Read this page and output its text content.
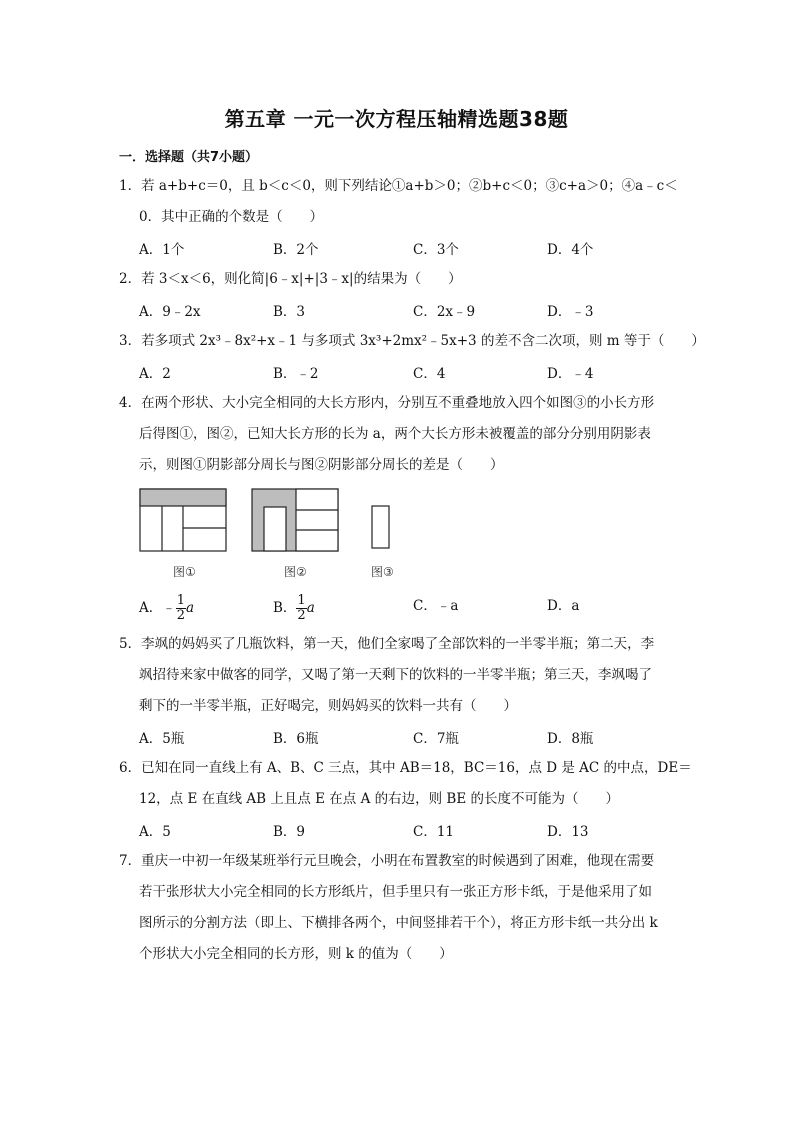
第五章 一元一次方程压轴精选题38题
一．选择题（共7小题）
1．若 a+b+c＝0，且 b＜c＜0，则下列结论①a+b＞0；②b+c＜0；③c+a＞0；④a﹣c＜
0．其中正确的个数是（　　）
A．1个	B．2个	C．3个	D．4个
2．若 3＜x＜6，则化简|6﹣x|+|3﹣x|的结果为（　　）
A．9﹣2x	B．3	C．2x﹣9	D．﹣3
3．若多项式 2x³﹣8x²+x﹣1 与多项式 3x³+2mx²﹣5x+3 的差不含二次项，则 m 等于（　　）
A．2	B．﹣2	C．4	D．﹣4
4．在两个形状、大小完全相同的大长方形内，分别互不重叠地放入四个如图③的小长方形
后得图①，图②，已知大长方形的长为 a，两个大长方形未被覆盖的部分分别用阴影表
示，则图①阴影部分周长与图②阴影部分周长的差是（　　）
图①	图②	图③
A．﹣ $\frac{1}{2}$ a	B． $\frac{1}{2}$ a	C．﹣a	D．a
5．李飒的妈妈买了几瓶饮料，第一天，他们全家喝了全部饮料的一半零半瓶；第二天，李
飒招待来家中做客的同学，又喝了第一天剩下的饮料的一半零半瓶；第三天，李飒喝了
剩下的一半零半瓶，正好喝完，则妈妈买的饮料一共有（　　）
A．5瓶	B．6瓶	C．7瓶	D．8瓶
6．已知在同一直线上有 A、B、C 三点，其中 AB＝18，BC＝16，点 D 是 AC 的中点，DE＝
12，点 E 在直线 AB 上且点 E 在点 A 的右边，则 BE 的长度不可能为（　　）
A．5	B．9	C．11	D．13
7．重庆一中初一年级某班举行元旦晚会，小明在布置教室的时候遇到了困难，他现在需要
若干张形状大小完全相同的长方形纸片，但手里只有一张正方形卡纸，于是他采用了如
图所示的分割方法（即上、下横排各两个，中间竖排若干个），将正方形卡纸一共分出 k
个形状大小完全相同的长方形，则 k 的值为（　　）
